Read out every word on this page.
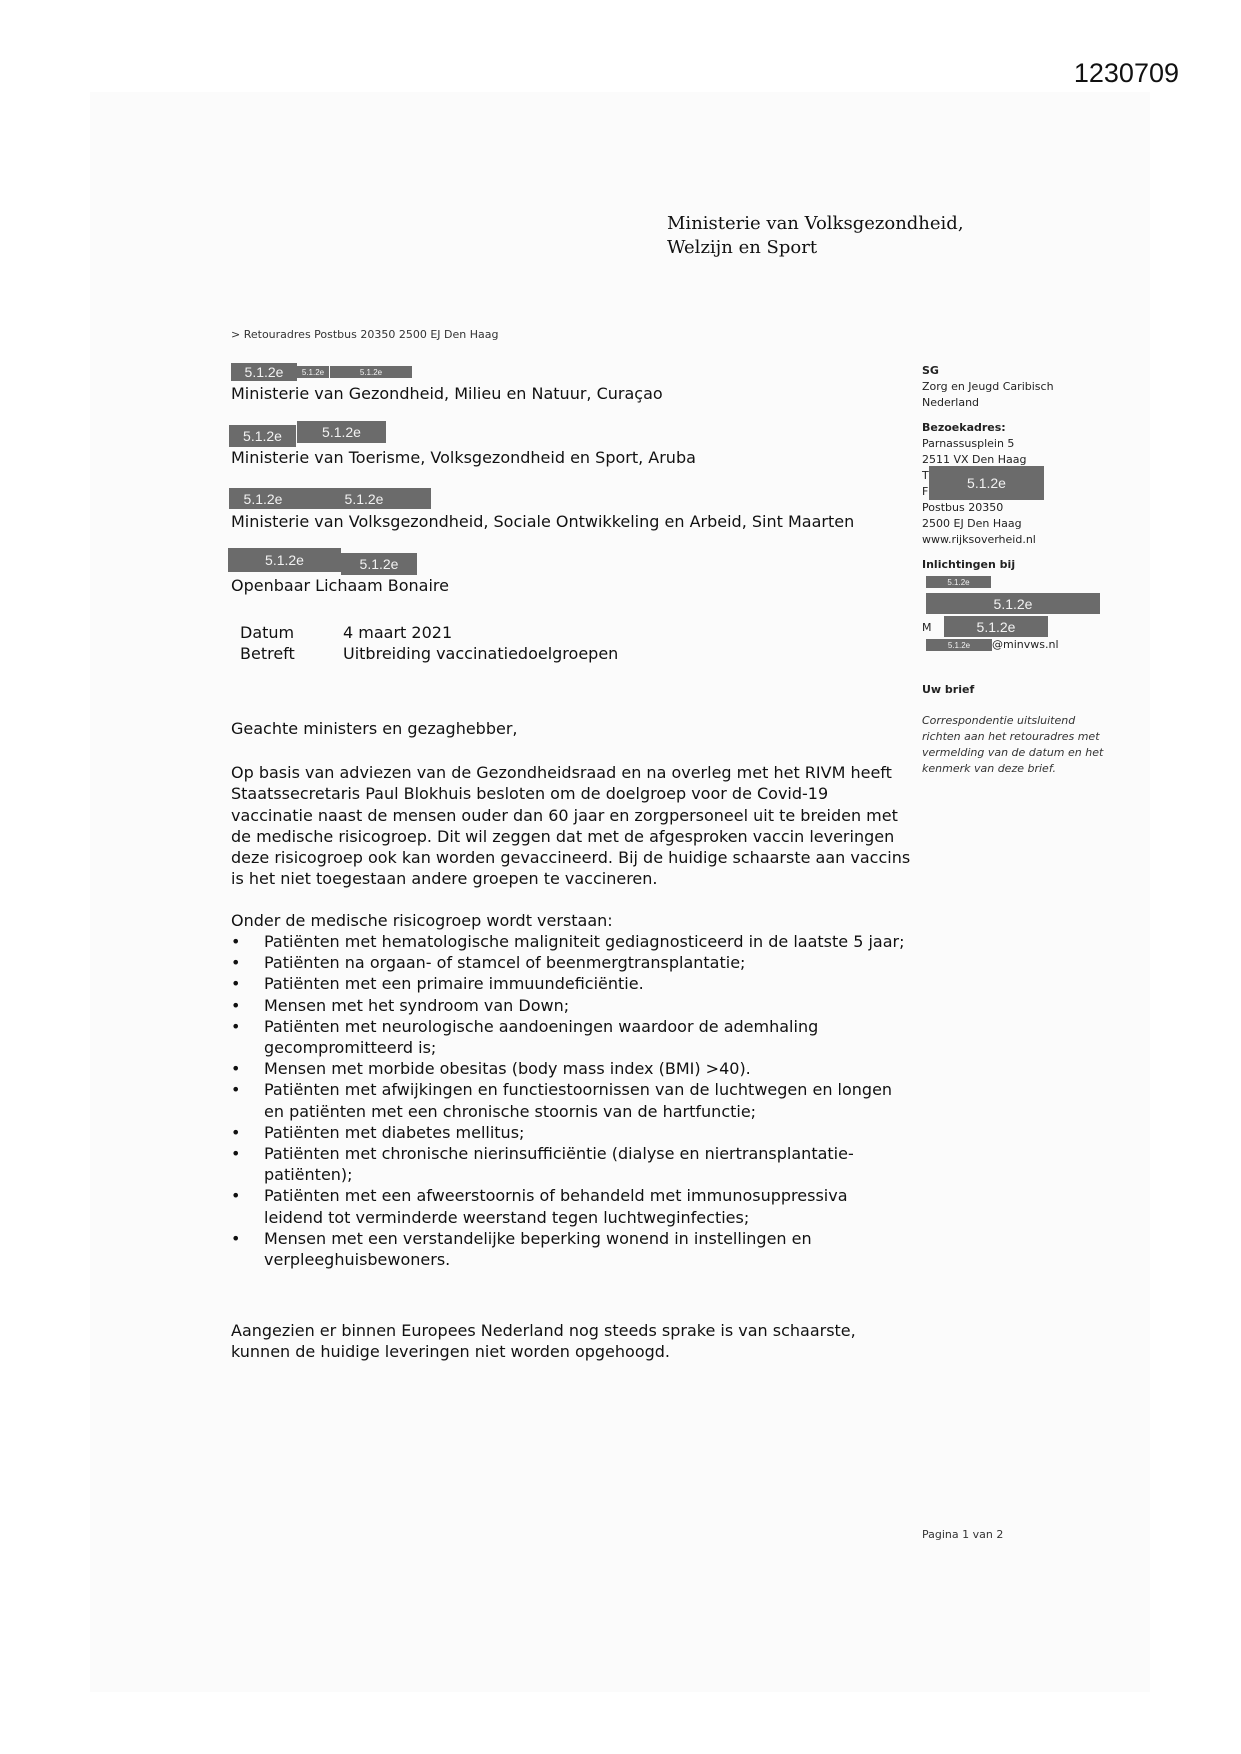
1230709
Ministerie van Volksgezondheid,
Welzijn en Sport
> Retouradres Postbus 20350 2500 EJ Den Haag
5.1.2e	5.1.2e	5.1.2e
Ministerie van Gezondheid, Milieu en Natuur, Curaçao
5.1.2e	5.1.2e
Ministerie van Toerisme, Volksgezondheid en Sport, Aruba
5.1.2e	5.1.2e
Ministerie van Volksgezondheid, Sociale Ontwikkeling en Arbeid, Sint Maarten
5.1.2e	5.1.2e
Openbaar Lichaam Bonaire
Datum	4 maart 2021
Betreft	Uitbreiding vaccinatiedoelgroepen
Geachte ministers en gezaghebber,
Op basis van adviezen van de Gezondheidsraad en na overleg met het RIVM heeft Staatssecretaris Paul Blokhuis besloten om de doelgroep voor de Covid-19 vaccinatie naast de mensen ouder dan 60 jaar en zorgpersoneel uit te breiden met de medische risicogroep. Dit wil zeggen dat met de afgesproken vaccin leveringen deze risicogroep ook kan worden gevaccineerd. Bij de huidige schaarste aan vaccins is het niet toegestaan andere groepen te vaccineren.
Onder de medische risicogroep wordt verstaan:
•	Patiënten met hematologische maligniteit gediagnosticeerd in de laatste 5 jaar;
•	Patiënten na orgaan- of stamcel of beenmergtransplantatie;
•	Patiënten met een primaire immuundeficiëntie.
•	Mensen met het syndroom van Down;
•	Patiënten met neurologische aandoeningen waardoor de ademhaling gecompromitteerd is;
•	Mensen met morbide obesitas (body mass index (BMI) >40).
•	Patiënten met afwijkingen en functiestoornissen van de luchtwegen en longen en patiënten met een chronische stoornis van de hartfunctie;
•	Patiënten met diabetes mellitus;
•	Patiënten met chronische nierinsufficiëntie (dialyse en niertransplantatie-patiënten);
•	Patiënten met een afweerstoornis of behandeld met immunosuppressiva leidend tot verminderde weerstand tegen luchtweginfecties;
•	Mensen met een verstandelijke beperking wonend in instellingen en verpleeghuisbewoners.
Aangezien er binnen Europees Nederland nog steeds sprake is van schaarste, kunnen de huidige leveringen niet worden opgehoogd.
SG
Zorg en Jeugd Caribisch
Nederland
Bezoekadres:
Parnassusplein 5
2511 VX Den Haag
T
F
Postbus 20350
2500 EJ Den Haag
www.rijksoverheid.nl
5.1.2e
Inlichtingen bij
5.1.2e
5.1.2e
M	5.1.2e
5.1.2e	@minvws.nl
Uw brief
Correspondentie uitsluitend richten aan het retouradres met vermelding van de datum en het kenmerk van deze brief.
Pagina 1 van 2
